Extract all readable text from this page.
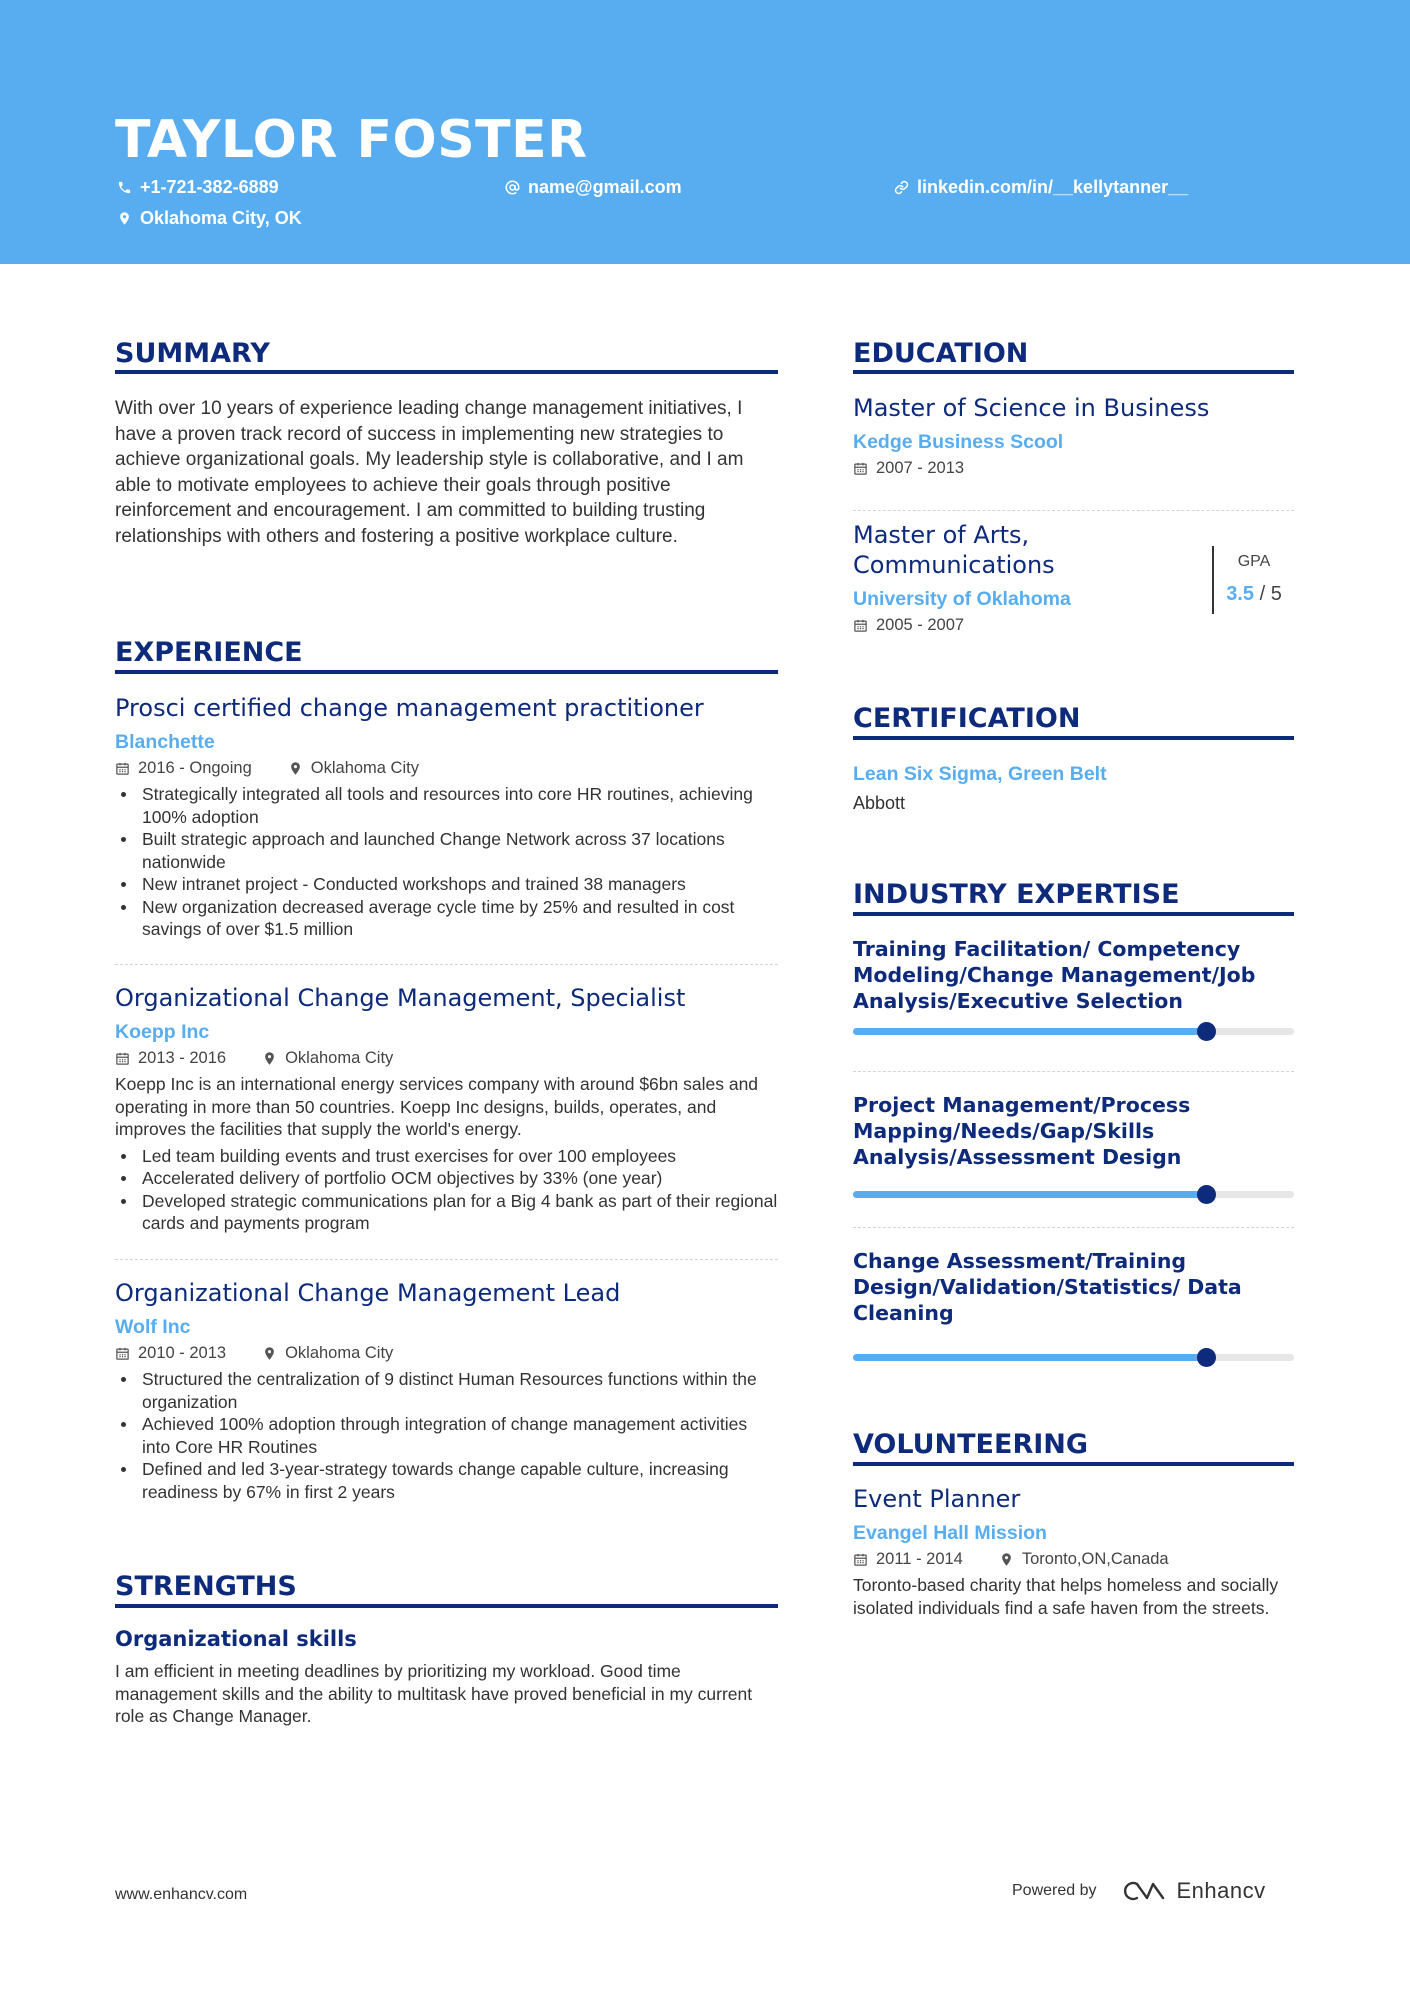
TAYLOR FOSTER
+1-721-382-6889	name@gmail.com	linkedin.com/in/__kellytanner__
Oklahoma City, OK
SUMMARY
With over 10 years of experience leading change management initiatives, I have a proven track record of success in implementing new strategies to achieve organizational goals. My leadership style is collaborative, and I am able to motivate employees to achieve their goals through positive reinforcement and encouragement. I am committed to building trusting relationships with others and fostering a positive workplace culture.
EXPERIENCE
Prosci certified change management practitioner
Blanchette
2016 - Ongoing	Oklahoma City
Strategically integrated all tools and resources into core HR routines, achieving 100% adoption
Built strategic approach and launched Change Network across 37 locations nationwide
New intranet project - Conducted workshops and trained 38 managers
New organization decreased average cycle time by 25% and resulted in cost savings of over $1.5 million
Organizational Change Management, Specialist
Koepp Inc
2013 - 2016	Oklahoma City
Koepp Inc is an international energy services company with around $6bn sales and operating in more than 50 countries. Koepp Inc designs, builds, operates, and improves the facilities that supply the world's energy.
Led team building events and trust exercises for over 100 employees
Accelerated delivery of portfolio OCM objectives by 33% (one year)
Developed strategic communications plan for a Big 4 bank as part of their regional cards and payments program
Organizational Change Management Lead
Wolf Inc
2010 - 2013	Oklahoma City
Structured the centralization of 9 distinct Human Resources functions within the organization
Achieved 100% adoption through integration of change management activities into Core HR Routines
Defined and led 3-year-strategy towards change capable culture, increasing readiness by 67% in first 2 years
STRENGTHS
Organizational skills
I am efficient in meeting deadlines by prioritizing my workload. Good time management skills and the ability to multitask have proved beneficial in my current role as Change Manager.
EDUCATION
Master of Science in Business
Kedge Business Scool
2007 - 2013
Master of Arts, Communications
University of Oklahoma
2005 - 2007
GPA
3.5 / 5
CERTIFICATION
Lean Six Sigma, Green Belt
Abbott
INDUSTRY EXPERTISE
Training Facilitation/ Competency Modeling/Change Management/Job Analysis/Executive Selection
Project Management/Process Mapping/Needs/Gap/Skills Analysis/Assessment Design
Change Assessment/Training Design/Validation/Statistics/ Data Cleaning
VOLUNTEERING
Event Planner
Evangel Hall Mission
2011 - 2014	Toronto,ON,Canada
Toronto-based charity that helps homeless and socially isolated individuals find a safe haven from the streets.
www.enhancv.com	Powered by	Enhancv
